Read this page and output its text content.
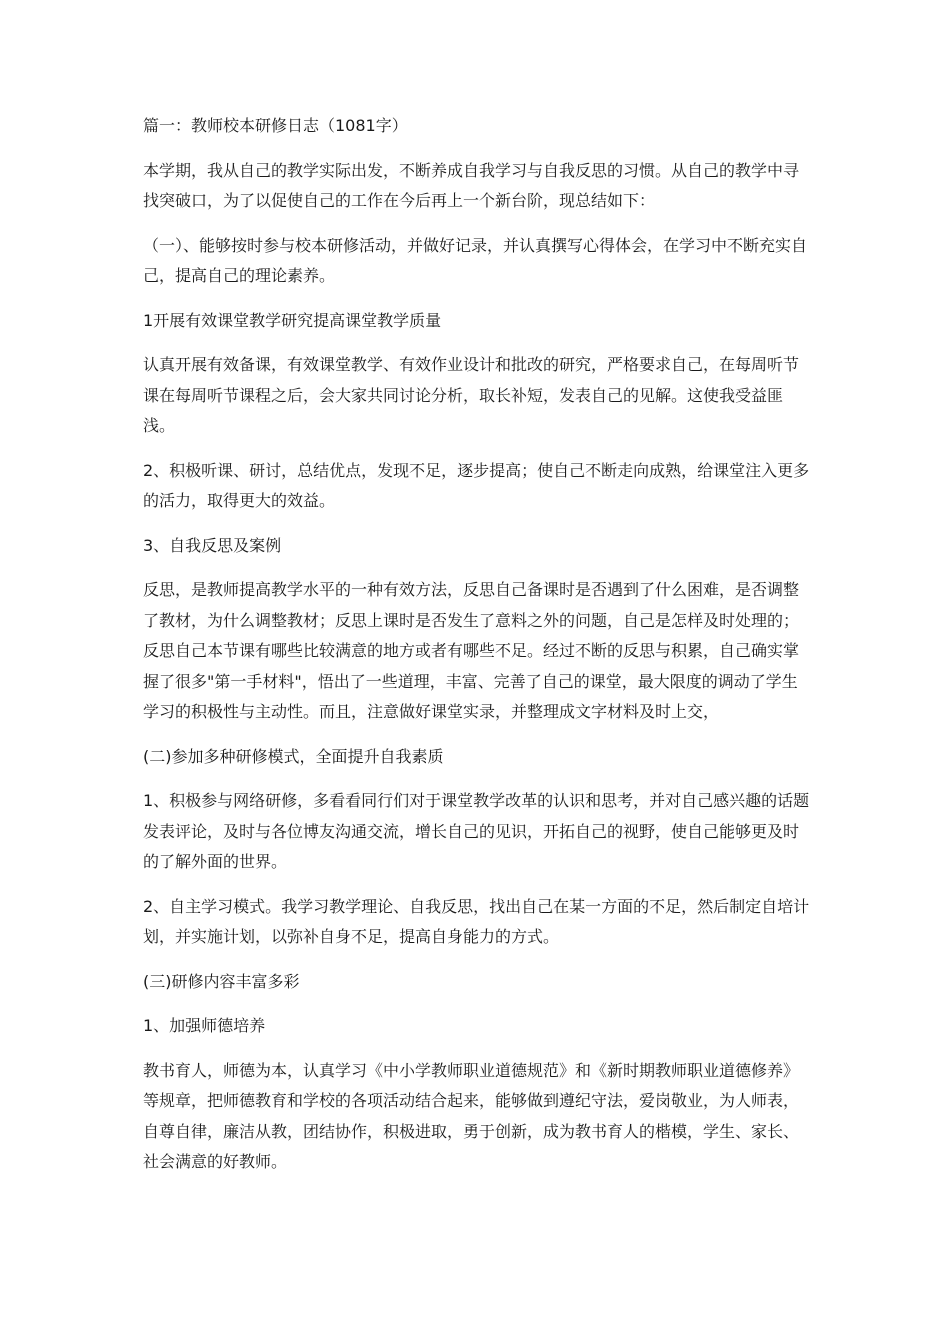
篇一：教师校本研修日志（1081字）

本学期，我从自己的教学实际出发，不断养成自我学习与自我反思的习惯。从自己的教学中寻找突破口，为了以促使自己的工作在今后再上一个新台阶，现总结如下：

（一）、能够按时参与校本研修活动，并做好记录，并认真撰写心得体会，在学习中不断充实自己，提高自己的理论素养。

1开展有效课堂教学研究提高课堂教学质量

认真开展有效备课，有效课堂教学、有效作业设计和批改的研究，严格要求自己，在每周听节课在每周听节课程之后，会大家共同讨论分析，取长补短，发表自己的见解。这使我受益匪浅。

2、积极听课、研讨，总结优点，发现不足，逐步提高；使自己不断走向成熟，给课堂注入更多的活力，取得更大的效益。

3、自我反思及案例

反思，是教师提高教学水平的一种有效方法，反思自己备课时是否遇到了什么困难，是否调整了教材，为什么调整教材；反思上课时是否发生了意料之外的问题，自己是怎样及时处理的；反思自己本节课有哪些比较满意的地方或者有哪些不足。经过不断的反思与积累，自己确实掌握了很多"第一手材料"，悟出了一些道理，丰富、完善了自己的课堂，最大限度的调动了学生学习的积极性与主动性。而且，注意做好课堂实录，并整理成文字材料及时上交，

(二)参加多种研修模式，全面提升自我素质

1、积极参与网络研修，多看看同行们对于课堂教学改革的认识和思考，并对自己感兴趣的话题发表评论，及时与各位博友沟通交流，增长自己的见识，开拓自己的视野，使自己能够更及时的了解外面的世界。

2、自主学习模式。我学习教学理论、自我反思，找出自己在某一方面的不足，然后制定自培计划，并实施计划，以弥补自身不足，提高自身能力的方式。

(三)研修内容丰富多彩

1、加强师德培养

教书育人，师德为本，认真学习《中小学教师职业道德规范》和《新时期教师职业道德修养》等规章，把师德教育和学校的各项活动结合起来，能够做到遵纪守法，爱岗敬业，为人师表，自尊自律，廉洁从教，团结协作，积极进取，勇于创新，成为教书育人的楷模，学生、家长、社会满意的好教师。
